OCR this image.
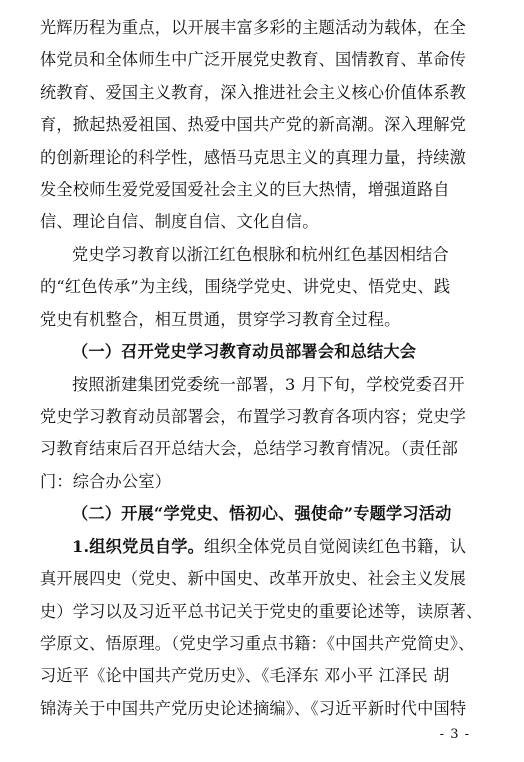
光辉历程为重点，以开展丰富多彩的主题活动为载体，在全
体党员和全体师生中广泛开展党史教育、国情教育、革命传
统教育、爱国主义教育，深入推进社会主义核心价值体系教
育，掀起热爱祖国、热爱中国共产党的新高潮。深入理解党
的创新理论的科学性，感悟马克思主义的真理力量，持续激
发全校师生爱党爱国爱社会主义的巨大热情，增强道路自
信、理论自信、制度自信、文化自信。
党史学习教育以浙江红色根脉和杭州红色基因相结合
的“红色传承”为主线，围绕学党史、讲党史、悟党史、践
党史有机整合，相互贯通，贯穿学习教育全过程。
（一）召开党史学习教育动员部署会和总结大会
按照浙建集团党委统一部署，3 月下旬，学校党委召开
党史学习教育动员部署会，布置学习教育各项内容；党史学
习教育结束后召开总结大会，总结学习教育情况。（责任部
门：综合办公室）
（二）开展“学党史、悟初心、强使命”专题学习活动
1.组织党员自学。组织全体党员自觉阅读红色书籍，认
真开展四史（党史、新中国史、改革开放史、社会主义发展
史）学习以及习近平总书记关于党史的重要论述等，读原著、
学原文、悟原理。（党史学习重点书籍：《中国共产党简史》、
习近平《论中国共产党历史》、《毛泽东 邓小平 江泽民 胡
锦涛关于中国共产党历史论述摘编》、《习近平新时代中国特
- 3 -
